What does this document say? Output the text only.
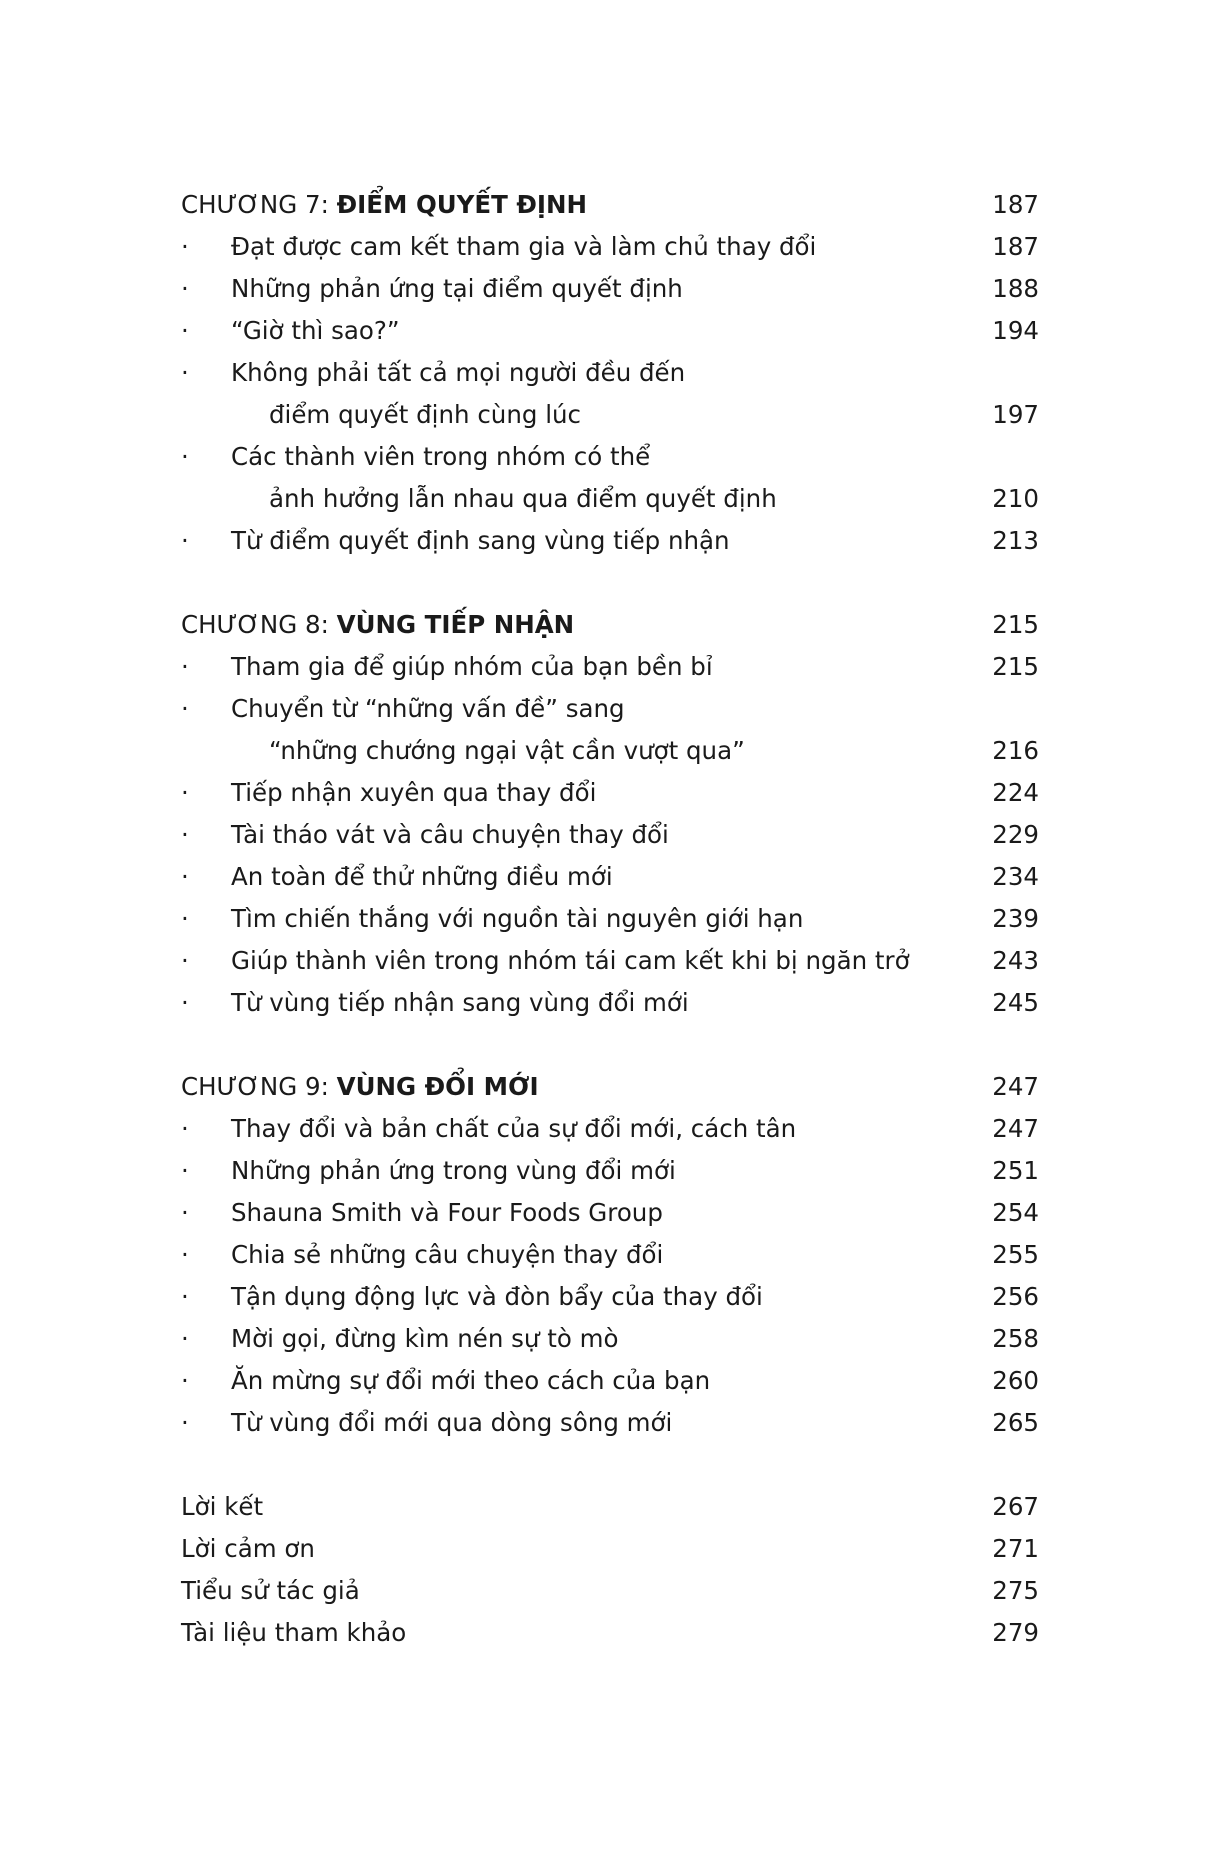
CHƯƠNG 7: ĐIỂM QUYẾT ĐỊNH	187
· Đạt được cam kết tham gia và làm chủ thay đổi	187
· Những phản ứng tại điểm quyết định	188
· “Giờ thì sao?”	194
· Không phải tất cả mọi người đều đến
điểm quyết định cùng lúc	197
· Các thành viên trong nhóm có thể
ảnh hưởng lẫn nhau qua điểm quyết định	210
· Từ điểm quyết định sang vùng tiếp nhận	213
CHƯƠNG 8: VÙNG TIẾP NHẬN	215
· Tham gia để giúp nhóm của bạn bền bỉ	215
· Chuyển từ “những vấn đề” sang
“những chướng ngại vật cần vượt qua”	216
· Tiếp nhận xuyên qua thay đổi	224
· Tài tháo vát và câu chuyện thay đổi	229
· An toàn để thử những điều mới	234
· Tìm chiến thắng với nguồn tài nguyên giới hạn	239
· Giúp thành viên trong nhóm tái cam kết khi bị ngăn trở	243
· Từ vùng tiếp nhận sang vùng đổi mới	245
CHƯƠNG 9: VÙNG ĐỔI MỚI	247
· Thay đổi và bản chất của sự đổi mới, cách tân	247
· Những phản ứng trong vùng đổi mới	251
· Shauna Smith và Four Foods Group	254
· Chia sẻ những câu chuyện thay đổi	255
· Tận dụng động lực và đòn bẩy của thay đổi	256
· Mời gọi, đừng kìm nén sự tò mò	258
· Ăn mừng sự đổi mới theo cách của bạn	260
· Từ vùng đổi mới qua dòng sông mới	265
Lời kết	267
Lời cảm ơn	271
Tiểu sử tác giả	275
Tài liệu tham khảo	279
